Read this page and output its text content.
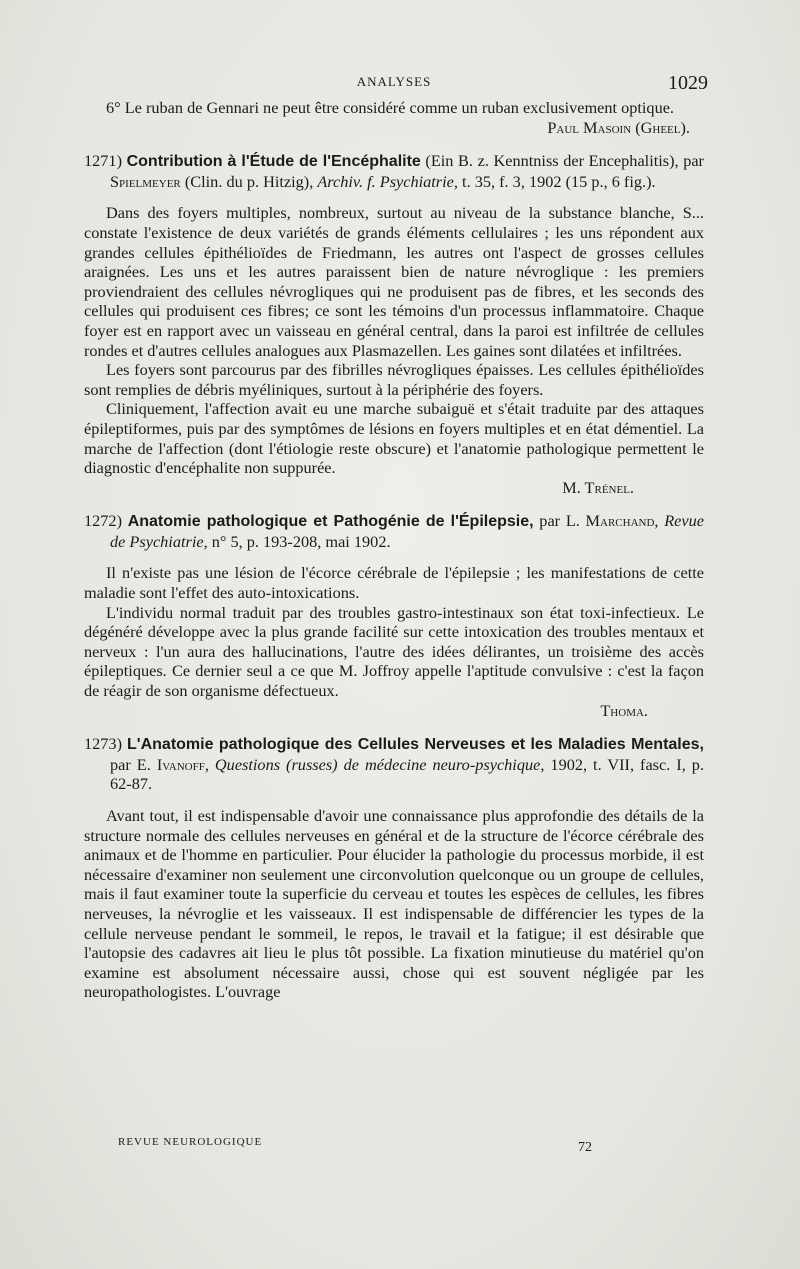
ANALYSES	1029

6° Le ruban de Gennari ne peut être considéré comme un ruban exclusivement optique.

Paul Masoin (Gheel).

1271) Contribution à l'Étude de l'Encéphalite (Ein B. z. Kenntniss der Encephalitis), par Spielmeyer (Clin. du p. Hitzig), Archiv. f. Psychiatrie, t. 35, f. 3, 1902 (15 p., 6 fig.).

Dans des foyers multiples, nombreux, surtout au niveau de la substance blanche, S... constate l'existence de deux variétés de grands éléments cellulaires ; les uns répondent aux grandes cellules épithélioïdes de Friedmann, les autres ont l'aspect de grosses cellules araignées. Les uns et les autres paraissent bien de nature névroglique : les premiers proviendraient des cellules névrogliques qui ne produisent pas de fibres, et les seconds des cellules qui produisent ces fibres; ce sont les témoins d'un processus inflammatoire. Chaque foyer est en rapport avec un vaisseau en général central, dans la paroi est infiltrée de cellules rondes et d'autres cellules analogues aux Plasmazellen. Les gaines sont dilatées et infiltrées.

Les foyers sont parcourus par des fibrilles névrogliques épaisses. Les cellules épithélioïdes sont remplies de débris myéliniques, surtout à la périphérie des foyers.

Cliniquement, l'affection avait eu une marche subaiguë et s'était traduite par des attaques épileptiformes, puis par des symptômes de lésions en foyers multiples et en état démentiel. La marche de l'affection (dont l'étiologie reste obscure) et l'anatomie pathologique permettent le diagnostic d'encéphalite non suppurée.

M. Trénel.

1272) Anatomie pathologique et Pathogénie de l'Épilepsie, par L. Marchand, Revue de Psychiatrie, n° 5, p. 193-208, mai 1902.

Il n'existe pas une lésion de l'écorce cérébrale de l'épilepsie ; les manifestations de cette maladie sont l'effet des auto-intoxications.

L'individu normal traduit par des troubles gastro-intestinaux son état toxi-infectieux. Le dégénéré développe avec la plus grande facilité sur cette intoxication des troubles mentaux et nerveux : l'un aura des hallucinations, l'autre des idées délirantes, un troisième des accès épileptiques. Ce dernier seul a ce que M. Joffroy appelle l'aptitude convulsive : c'est la façon de réagir de son organisme défectueux.

Thoma.

1273) L'Anatomie pathologique des Cellules Nerveuses et les Maladies Mentales, par E. Ivanoff, Questions (russes) de médecine neuro-psychique, 1902, t. VII, fasc. I, p. 62-87.

Avant tout, il est indispensable d'avoir une connaissance plus approfondie des détails de la structure normale des cellules nerveuses en général et de la structure de l'écorce cérébrale des animaux et de l'homme en particulier. Pour élucider la pathologie du processus morbide, il est nécessaire d'examiner non seulement une circonvolution quelconque ou un groupe de cellules, mais il faut examiner toute la superficie du cerveau et toutes les espèces de cellules, les fibres nerveuses, la névroglie et les vaisseaux. Il est indispensable de différencier les types de la cellule nerveuse pendant le sommeil, le repos, le travail et la fatigue; il est désirable que l'autopsie des cadavres ait lieu le plus tôt possible. La fixation minutieuse du matériel qu'on examine est absolument nécessaire aussi, chose qui est souvent négligée par les neuropathologistes. L'ouvrage

REVUE NEUROLOGIQUE	72
